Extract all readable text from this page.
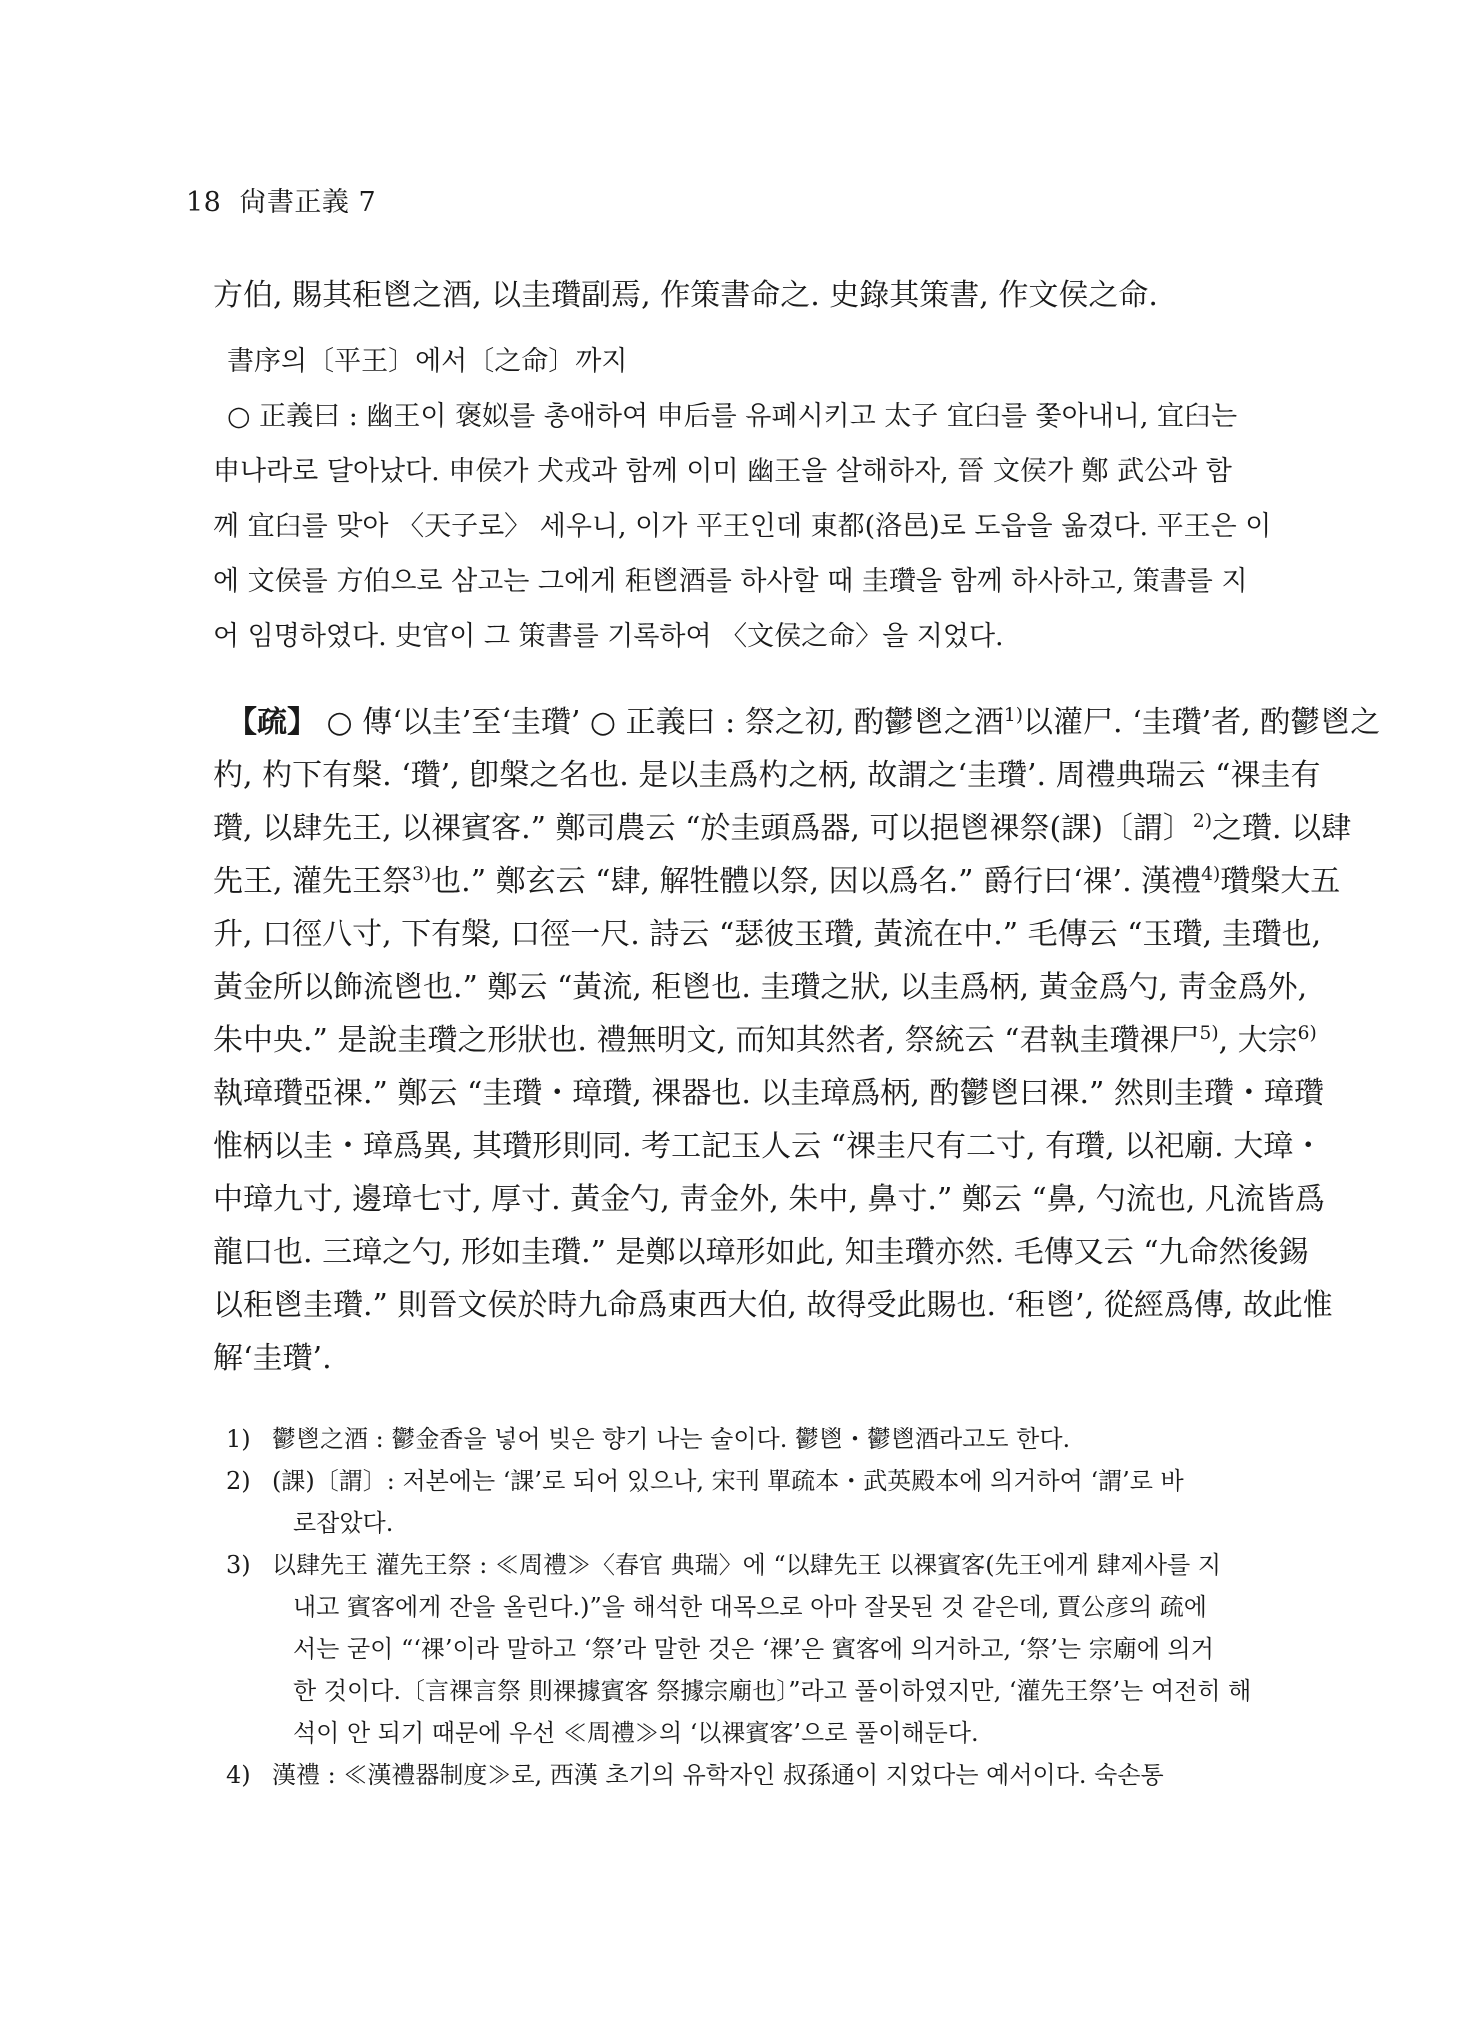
18 尙書正義 7
方伯, 賜其秬鬯之酒, 以圭瓚副焉, 作策書命之. 史錄其策書, 作文侯之命.
書序의〔平王〕에서〔之命〕까지
○ 正義曰 : 幽王이 褒姒를 총애하여 申后를 유폐시키고 太子 宜臼를 쫓아내니, 宜臼는
申나라로 달아났다. 申侯가 犬戎과 함께 이미 幽王을 살해하자, 晉 文侯가 鄭 武公과 함
께 宜臼를 맞아 〈天子로〉 세우니, 이가 平王인데 東都(洛邑)로 도읍을 옮겼다. 平王은 이
에 文侯를 方伯으로 삼고는 그에게 秬鬯酒를 하사할 때 圭瓚을 함께 하사하고, 策書를 지
어 임명하였다. 史官이 그 策書를 기록하여 〈文侯之命〉을 지었다.
【疏】 ○ 傳‘以圭’至‘圭瓚’ ○ 正義曰 : 祭之初, 酌鬱鬯之酒$^{1)}$以灌尸. ‘圭瓚’者, 酌鬱鬯之
杓, 杓下有槃. ‘瓚’, 卽槃之名也. 是以圭爲杓之柄, 故謂之‘圭瓚’. 周禮典瑞云 “祼圭有
瓚, 以肆先王, 以祼賓客.” 鄭司農云 “於圭頭爲器, 可以挹鬯祼祭(課)〔謂〕$^{2)}$之瓚. 以肆
先王, 灌先王祭$^{3)}$也.” 鄭玄云 “肆, 解牲體以祭, 因以爲名.” 爵行曰‘祼’. 漢禮$^{4)}$瓚槃大五
升, 口徑八寸, 下有槃, 口徑一尺. 詩云 “瑟彼玉瓚, 黃流在中.” 毛傳云 “玉瓚, 圭瓚也,
黃金所以飾流鬯也.” 鄭云 “黃流, 秬鬯也. 圭瓚之狀, 以圭爲柄, 黃金爲勺, 靑金爲外,
朱中央.” 是說圭瓚之形狀也. 禮無明文, 而知其然者, 祭統云 “君執圭瓚祼尸$^{5)}$, 大宗$^{6)}$
執璋瓚亞祼.” 鄭云 “圭瓚・璋瓚, 祼器也. 以圭璋爲柄, 酌鬱鬯曰祼.” 然則圭瓚・璋瓚
惟柄以圭・璋爲異, 其瓚形則同. 考工記玉人云 “祼圭尺有二寸, 有瓚, 以祀廟. 大璋・
中璋九寸, 邊璋七寸, 厚寸. 黃金勺, 靑金外, 朱中, 鼻寸.” 鄭云 “鼻, 勺流也, 凡流皆爲
龍口也. 三璋之勺, 形如圭瓚.” 是鄭以璋形如此, 知圭瓚亦然. 毛傳又云 “九命然後錫
以秬鬯圭瓚.” 則晉文侯於時九命爲東西大伯, 故得受此賜也. ‘秬鬯’, 從經爲傳, 故此惟
解‘圭瓚’.
1) 鬱鬯之酒 : 鬱金香을 넣어 빚은 향기 나는 술이다. 鬱鬯・鬱鬯酒라고도 한다.
2) (課)〔謂〕: 저본에는 ‘課’로 되어 있으나, 宋刊 單疏本・武英殿本에 의거하여 ‘謂’로 바
로잡았다.
3) 以肆先王 灌先王祭 : ≪周禮≫〈春官 典瑞〉에 “以肆先王 以祼賓客(先王에게 肆제사를 지
내고 賓客에게 잔을 올린다.)”을 해석한 대목으로 아마 잘못된 것 같은데, 賈公彦의 疏에
서는 굳이 “‘祼’이라 말하고 ‘祭’라 말한 것은 ‘祼’은 賓客에 의거하고, ‘祭’는 宗廟에 의거
한 것이다.〔言祼言祭 則祼據賓客 祭據宗廟也〕”라고 풀이하였지만, ‘灌先王祭’는 여전히 해
석이 안 되기 때문에 우선 ≪周禮≫의 ‘以祼賓客’으로 풀이해둔다.
4) 漢禮 : ≪漢禮器制度≫로, 西漢 초기의 유학자인 叔孫通이 지었다는 예서이다. 숙손통
